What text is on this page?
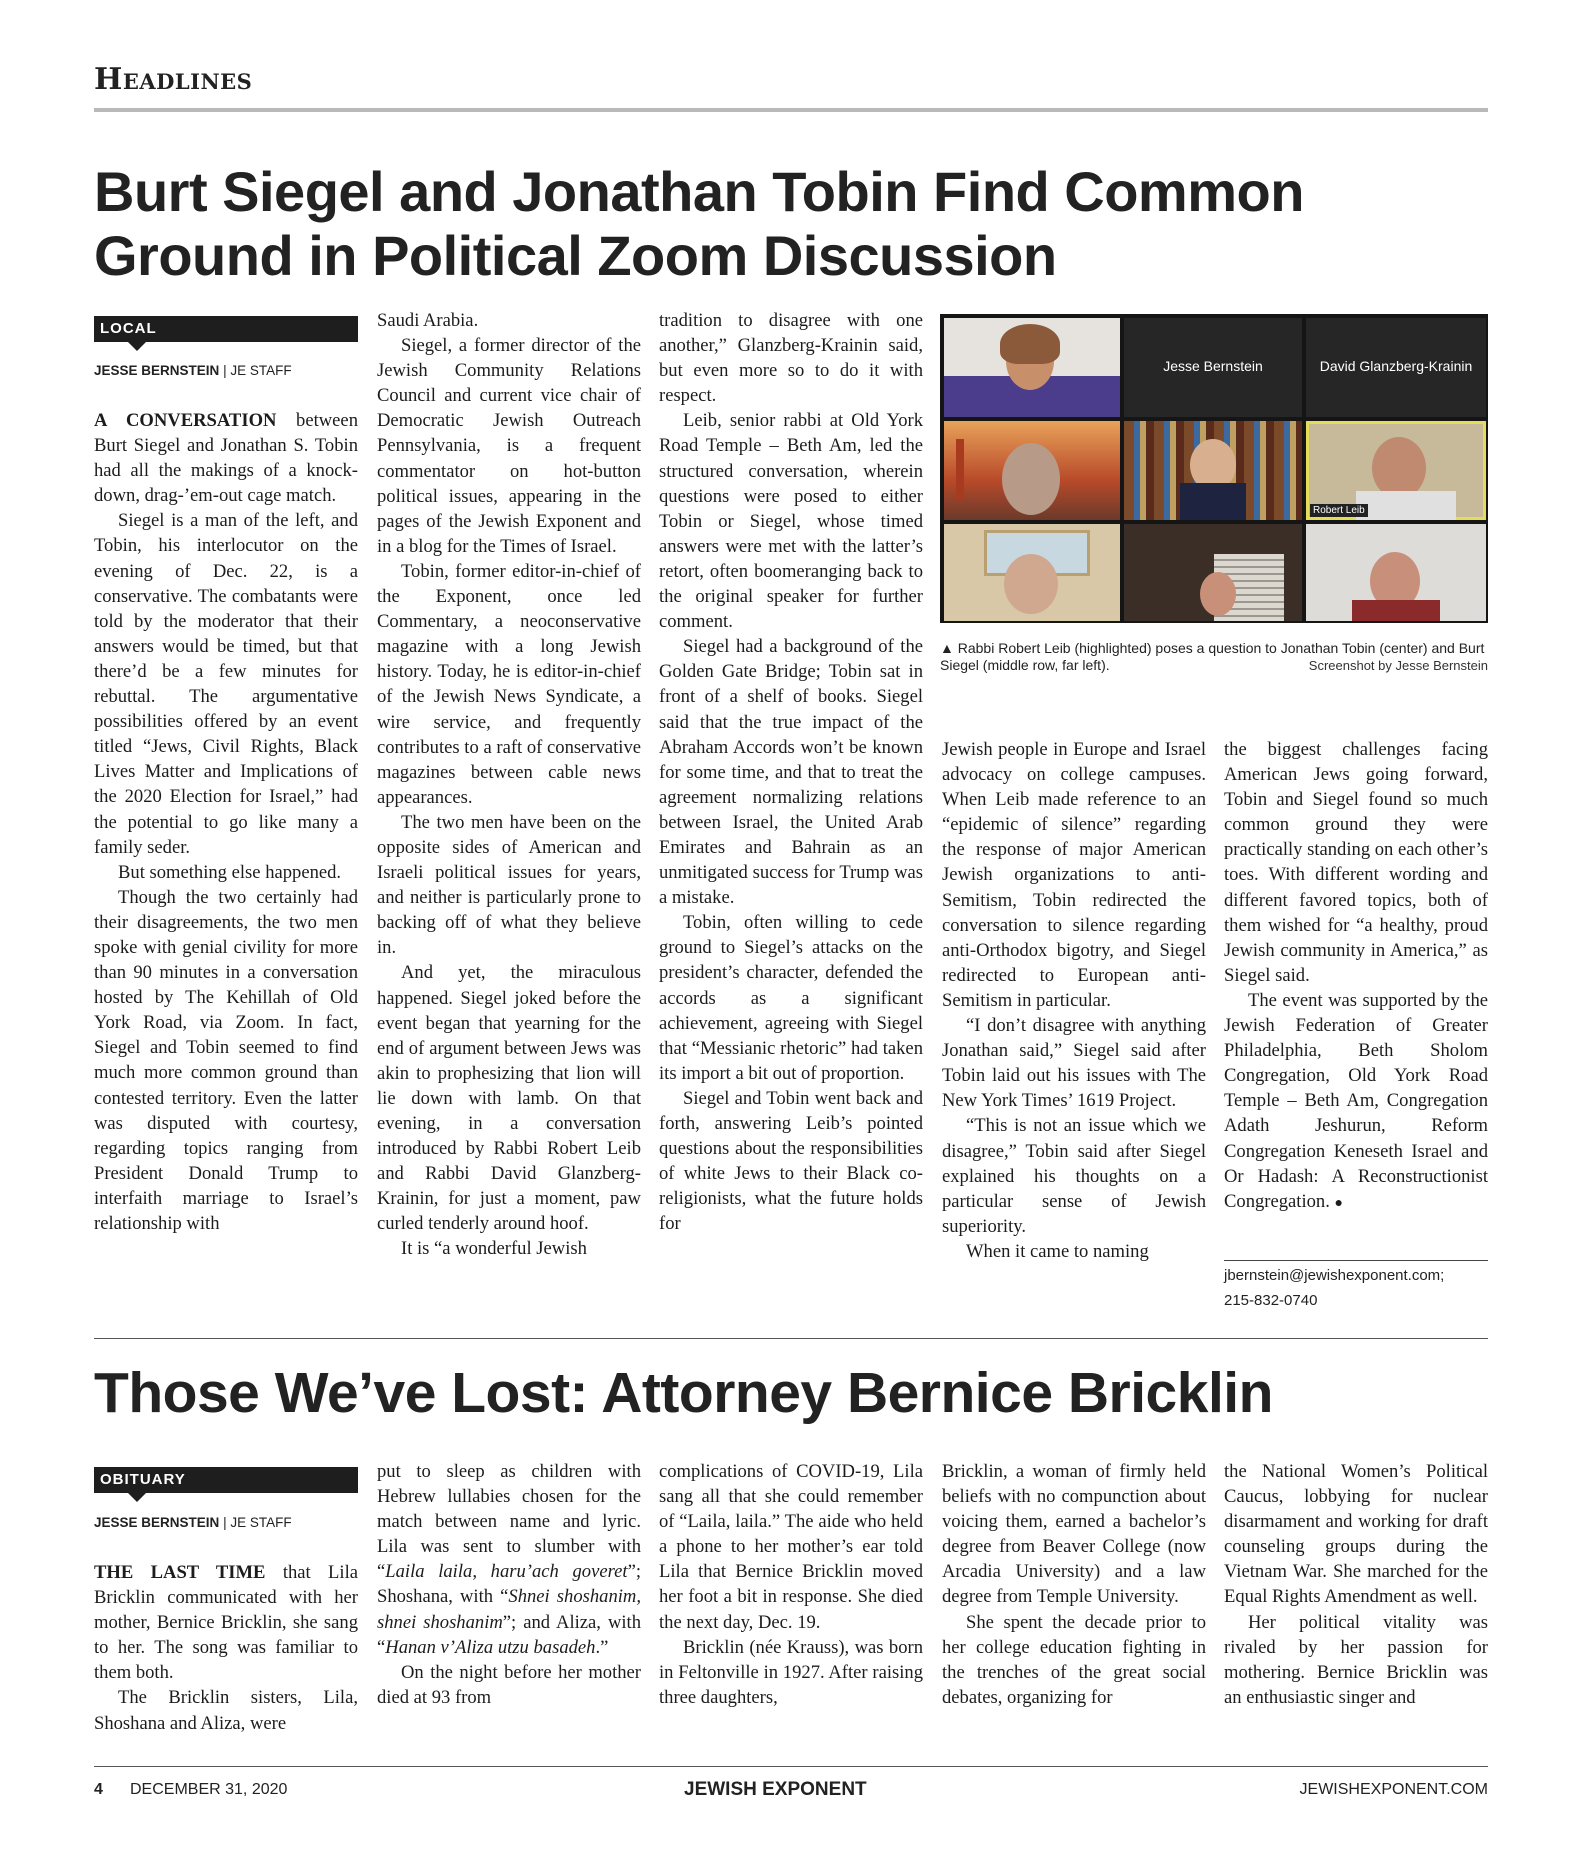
Headlines
Burt Siegel and Jonathan Tobin Find Common Ground in Political Zoom Discussion
LOCAL
JESSE BERNSTEIN | JE STAFF

A CONVERSATION between Burt Siegel and Jonathan S. Tobin had all the makings of a knock-down, drag-’em-out cage match.

Siegel is a man of the left, and Tobin, his interlocutor on the evening of Dec. 22, is a conservative. The combatants were told by the moderator that their answers would be timed, but that there’d be a few minutes for rebuttal. The argumentative possibilities offered by an event titled “Jews, Civil Rights, Black Lives Matter and Implications of the 2020 Election for Israel,” had the potential to go like many a family seder.

But something else happened.

Though the two certainly had their disagreements, the two men spoke with genial civility for more than 90 minutes in a conversation hosted by The Kehillah of Old York Road, via Zoom. In fact, Siegel and Tobin seemed to find much more common ground than contested territory. Even the latter was disputed with courtesy, regarding topics ranging from President Donald Trump to interfaith marriage to Israel’s relationship with

Saudi Arabia.

Siegel, a former director of the Jewish Community Relations Council and current vice chair of Democratic Jewish Outreach Pennsylvania, is a frequent commentator on hot-button political issues, appearing in the pages of the Jewish Exponent and in a blog for the Times of Israel.

Tobin, former editor-in-chief of the Exponent, once led Commentary, a neoconservative magazine with a long Jewish history. Today, he is editor-in-chief of the Jewish News Syndicate, a wire service, and frequently contributes to a raft of conservative magazines between cable news appearances.

The two men have been on the opposite sides of American and Israeli political issues for years, and neither is particularly prone to backing off of what they believe in.

And yet, the miraculous happened. Siegel joked before the event began that yearning for the end of argument between Jews was akin to prophesizing that lion will lie down with lamb. On that evening, in a conversation introduced by Rabbi Robert Leib and Rabbi David Glanzberg-Krainin, for just a moment, paw curled tenderly around hoof.

It is “a wonderful Jewish

tradition to disagree with one another,” Glanzberg-Krainin said, but even more so to do it with respect.

Leib, senior rabbi at Old York Road Temple – Beth Am, led the structured conversation, wherein questions were posed to either Tobin or Siegel, whose timed answers were met with the latter’s retort, often boomeranging back to the original speaker for further comment.

Siegel had a background of the Golden Gate Bridge; Tobin sat in front of a shelf of books. Siegel said that the true impact of the Abraham Accords won’t be known for some time, and that to treat the agreement normalizing relations between Israel, the United Arab Emirates and Bahrain as an unmitigated success for Trump was a mistake.

Tobin, often willing to cede ground to Siegel’s attacks on the president’s character, defended the accords as a significant achievement, agreeing with Siegel that “Messianic rhetoric” had taken its import a bit out of proportion.

Siegel and Tobin went back and forth, answering Leib’s pointed questions about the responsibilities of white Jews to their Black co-religionists, what the future holds for

Jesse Bernstein	David Glanzberg-Krainin
Robert Leib
▲ Rabbi Robert Leib (highlighted) poses a question to Jonathan Tobin (center) and Burt Siegel (middle row, far left).	Screenshot by Jesse Bernstein

Jewish people in Europe and Israel advocacy on college campuses. When Leib made reference to an “epidemic of silence” regarding the response of major American Jewish organizations to anti-Semitism, Tobin redirected the conversation to silence regarding anti-Orthodox bigotry, and Siegel redirected to European anti-Semitism in particular.

“I don’t disagree with anything Jonathan said,” Siegel said after Tobin laid out his issues with The New York Times’ 1619 Project.

“This is not an issue which we disagree,” Tobin said after Siegel explained his thoughts on a particular sense of Jewish superiority.

When it came to naming

the biggest challenges facing American Jews going forward, Tobin and Siegel found so much common ground they were practically standing on each other’s toes. With different wording and different favored topics, both of them wished for “a healthy, proud Jewish community in America,” as Siegel said.

The event was supported by the Jewish Federation of Greater Philadelphia, Beth Sholom Congregation, Old York Road Temple – Beth Am, Congregation Adath Jeshurun, Reform Congregation Keneseth Israel and Or Hadash: A Reconstructionist Congregation. ●

jbernstein@jewishexponent.com;
215-832-0740
Those We’ve Lost: Attorney Bernice Bricklin
OBITUARY
JESSE BERNSTEIN | JE STAFF

THE LAST TIME that Lila Bricklin communicated with her mother, Bernice Bricklin, she sang to her. The song was familiar to them both.

The Bricklin sisters, Lila, Shoshana and Aliza, were

put to sleep as children with Hebrew lullabies chosen for the match between name and lyric. Lila was sent to slumber with “Laila laila, haru’ach goveret”; Shoshana, with “Shnei shoshanim, shnei shoshanim”; and Aliza, with “Hanan v’Aliza utzu basadeh.”

On the night before her mother died at 93 from

complications of COVID-19, Lila sang all that she could remember of “Laila, laila.” The aide who held a phone to her mother’s ear told Lila that Bernice Bricklin moved her foot a bit in response. She died the next day, Dec. 19.

Bricklin (née Krauss), was born in Feltonville in 1927. After raising three daughters,

Bricklin, a woman of firmly held beliefs with no compunction about voicing them, earned a bachelor’s degree from Beaver College (now Arcadia University) and a law degree from Temple University.

She spent the decade prior to her college education fighting in the trenches of the great social debates, organizing for

the National Women’s Political Caucus, lobbying for nuclear disarmament and working for draft counseling groups during the Vietnam War. She marched for the Equal Rights Amendment as well.

Her political vitality was rivaled by her passion for mothering. Bernice Bricklin was an enthusiastic singer and

4 DECEMBER 31, 2020	JEWISH EXPONENT	JEWISHEXPONENT.COM
